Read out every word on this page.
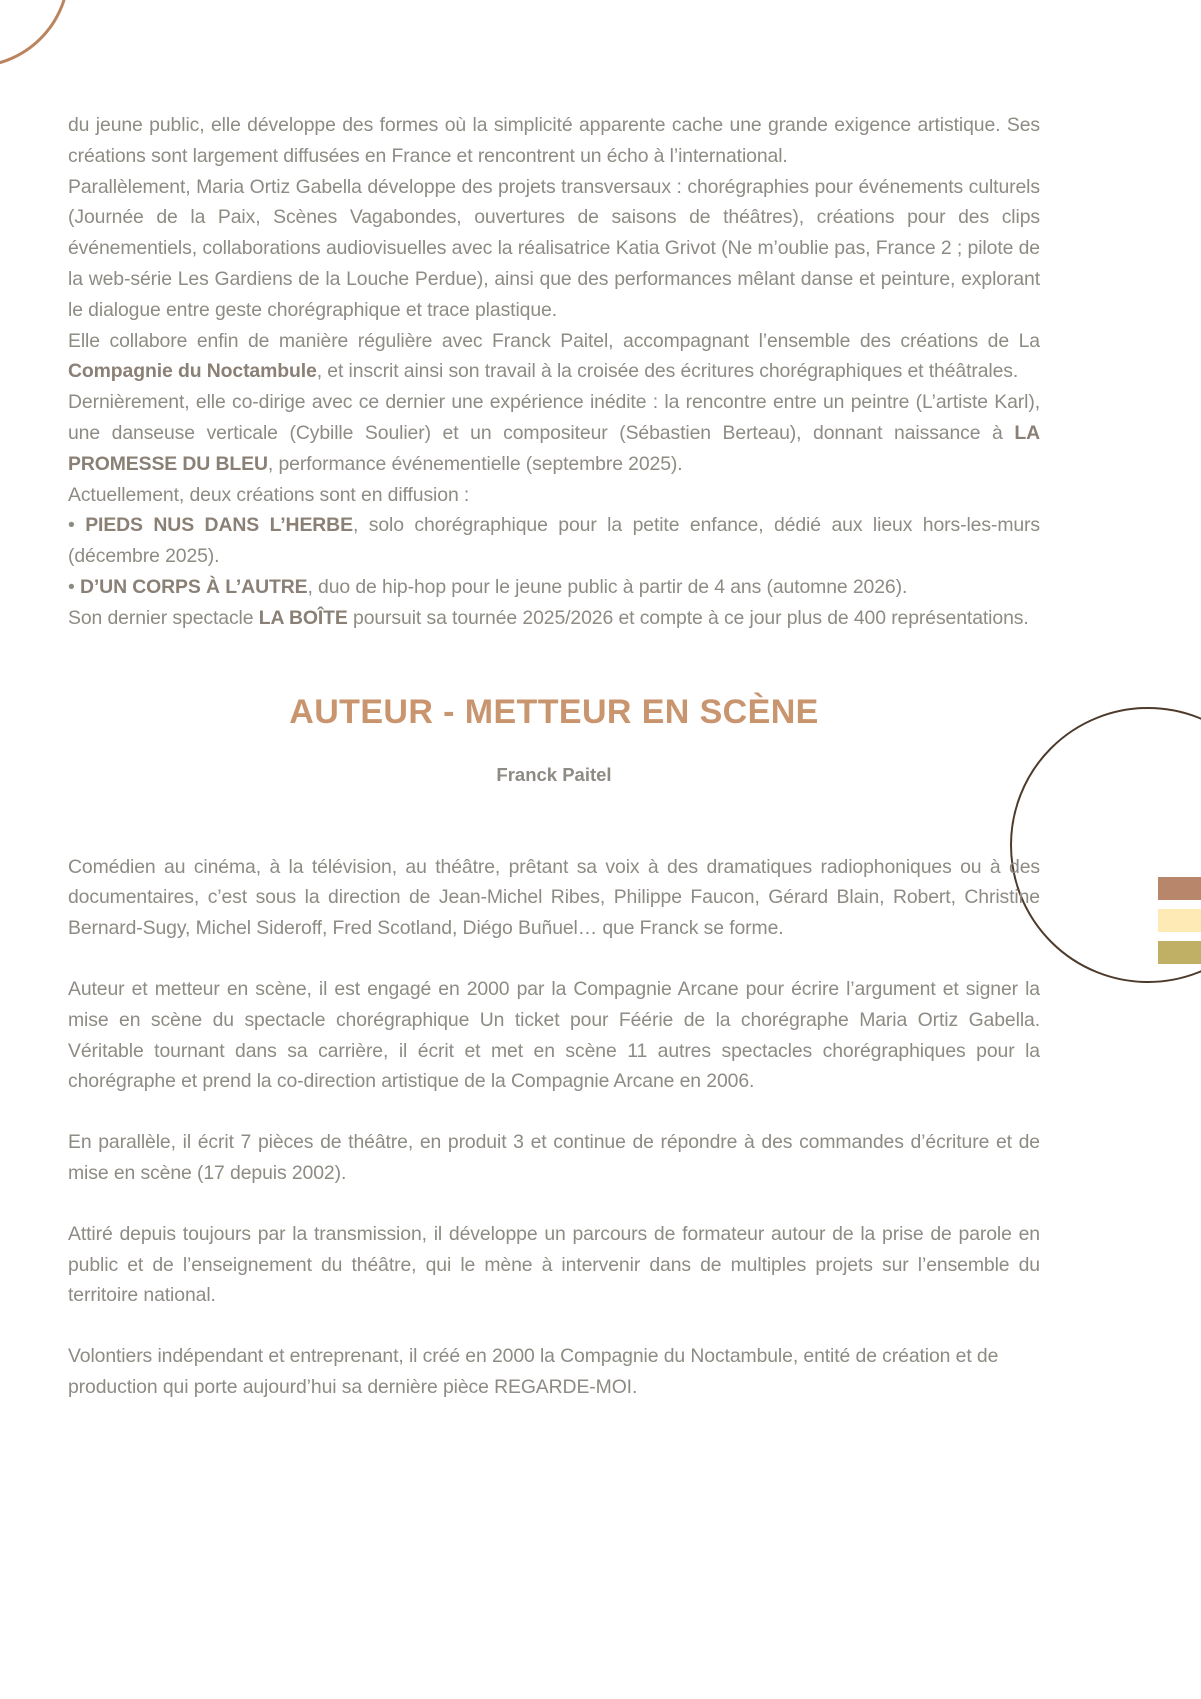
du jeune public, elle développe des formes où la simplicité apparente cache une grande exigence artistique. Ses créations sont largement diffusées en France et rencontrent un écho à l’international.

Parallèlement, Maria Ortiz Gabella développe des projets transversaux : chorégraphies pour événements culturels (Journée de la Paix, Scènes Vagabondes, ouvertures de saisons de théâtres), créations pour des clips événementiels, collaborations audiovisuelles avec la réalisatrice Katia Grivot (Ne m’oublie pas, France 2 ; pilote de la web-série Les Gardiens de la Louche Perdue), ainsi que des performances mêlant danse et peinture, explorant le dialogue entre geste chorégraphique et trace plastique.

Elle collabore enfin de manière régulière avec Franck Paitel, accompagnant l’ensemble des créations de La Compagnie du Noctambule, et inscrit ainsi son travail à la croisée des écritures chorégraphiques et théâtrales.

Dernièrement, elle co-dirige avec ce dernier une expérience inédite : la rencontre entre un peintre (L’artiste Karl), une danseuse verticale (Cybille Soulier) et un compositeur (Sébastien Berteau), donnant naissance à LA PROMESSE DU BLEU, performance événementielle (septembre 2025).

Actuellement, deux créations sont en diffusion :

• PIEDS NUS DANS L’HERBE, solo chorégraphique pour la petite enfance, dédié aux lieux hors-les-murs (décembre 2025).

• D’UN CORPS À L’AUTRE, duo de hip-hop pour le jeune public à partir de 4 ans (automne 2026).

Son dernier spectacle LA BOÎTE poursuit sa tournée 2025/2026 et compte à ce jour plus de 400 représentations.

AUTEUR - METTEUR EN SCÈNE
Franck Paitel

Comédien au cinéma, à la télévision, au théâtre, prêtant sa voix à des dramatiques radiophoniques ou à des documentaires, c’est sous la direction de Jean-Michel Ribes, Philippe Faucon, Gérard Blain, Robert, Christine Bernard-Sugy, Michel Sideroff, Fred Scotland, Diégo Buñuel… que Franck se forme.

Auteur et metteur en scène, il est engagé en 2000 par la Compagnie Arcane pour écrire l’argument et signer la mise en scène du spectacle chorégraphique Un ticket pour Féérie de la chorégraphe Maria Ortiz Gabella. Véritable tournant dans sa carrière, il écrit et met en scène 11 autres spectacles chorégraphiques pour la chorégraphe et prend la co-direction artistique de la Compagnie Arcane en 2006.

En parallèle, il écrit 7 pièces de théâtre, en produit 3 et continue de répondre à des commandes d’écriture et de mise en scène (17 depuis 2002).

Attiré depuis toujours par la transmission, il développe un parcours de formateur autour de la prise de parole en public et de l’enseignement du théâtre, qui le mène à intervenir dans de multiples projets sur l’ensemble du territoire national.

Volontiers indépendant et entreprenant, il créé en 2000 la Compagnie du Noctambule, entité de création et de production qui porte aujourd’hui sa dernière pièce REGARDE-MOI.
